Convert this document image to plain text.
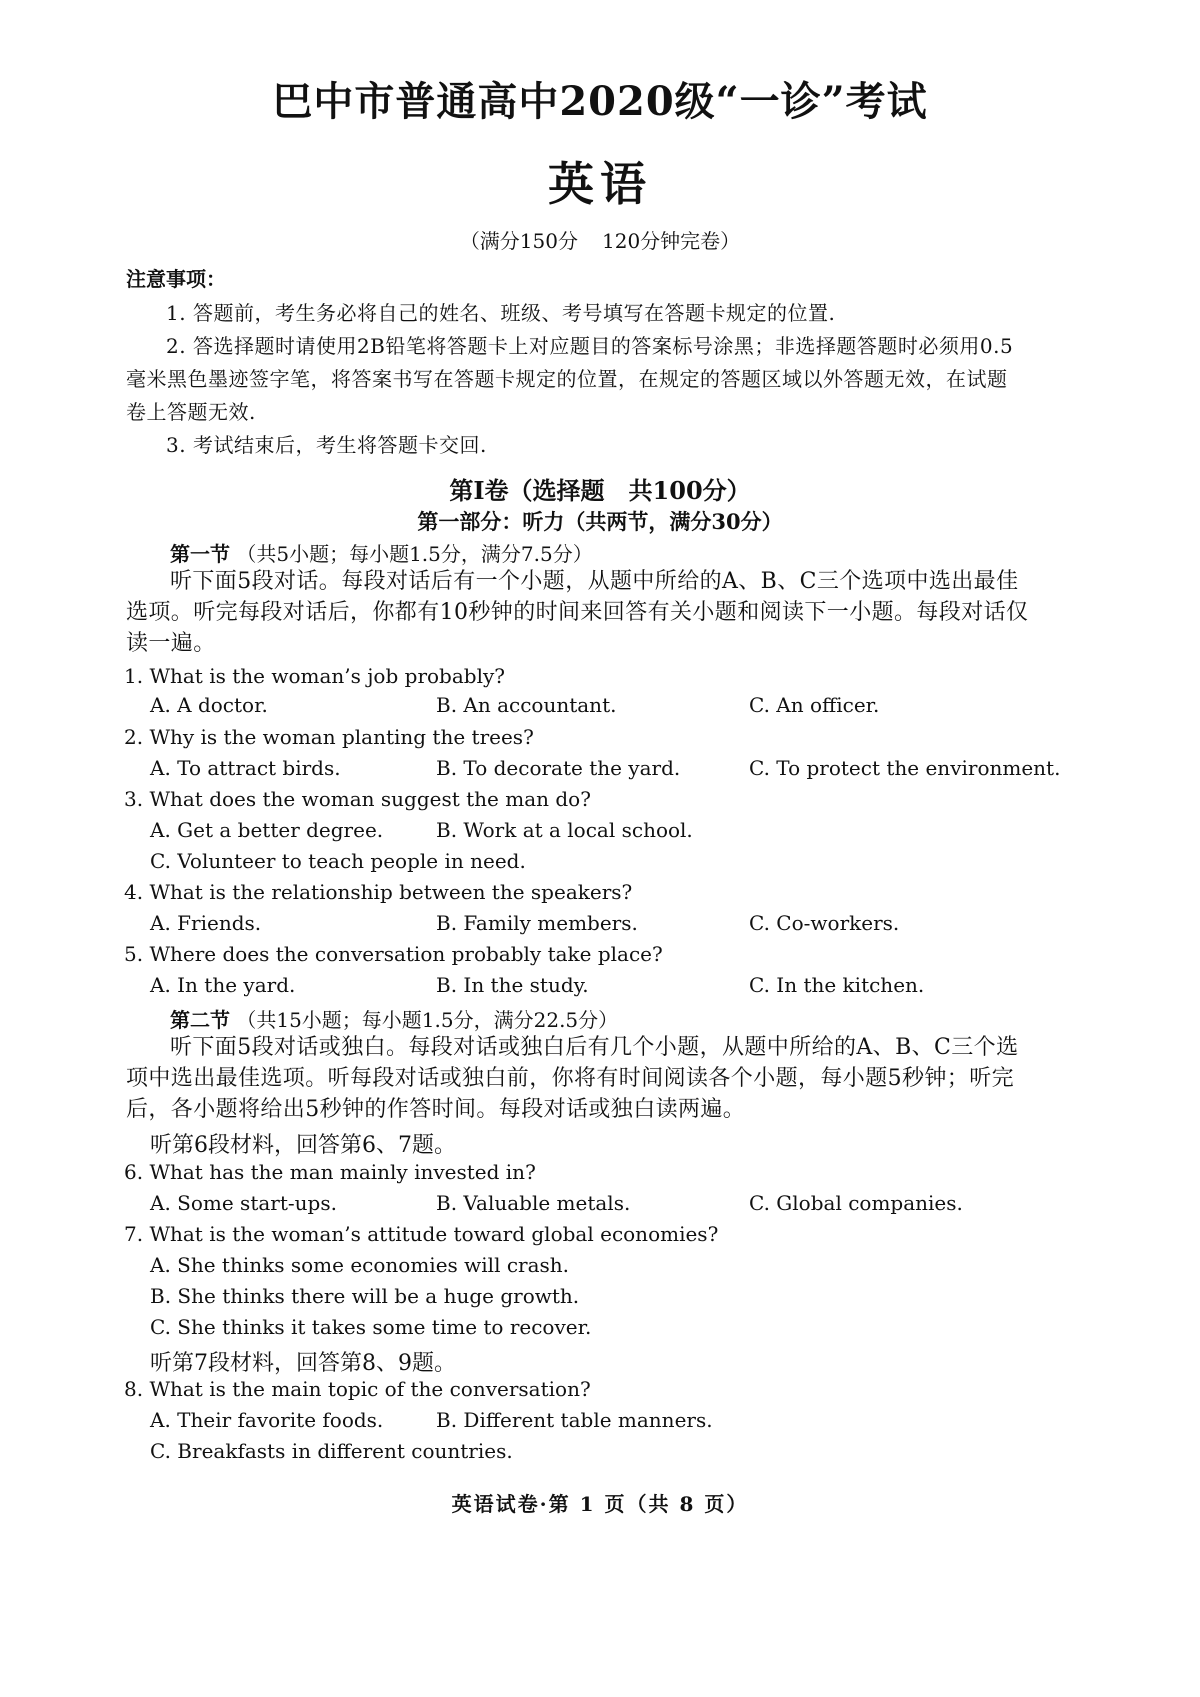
巴中市普通高中2020级“一诊”考试
英语
（满分150分 120分钟完卷）
注意事项：
1. 答题前，考生务必将自己的姓名、班级、考号填写在答题卡规定的位置.
2. 答选择题时请使用2B铅笔将答题卡上对应题目的答案标号涂黑；非选择题答题时必须用0.5毫米黑色墨迹签字笔，将答案书写在答题卡规定的位置，在规定的答题区域以外答题无效，在试题卷上答题无效.
3. 考试结束后，考生将答题卡交回.
第Ⅰ卷（选择题　共100分）
第一部分：听力（共两节，满分30分）
第一节 （共5小题；每小题1.5分，满分7.5分）
听下面5段对话。每段对话后有一个小题，从题中所给的A、B、C三个选项中选出最佳选项。听完每段对话后，你都有10秒钟的时间来回答有关小题和阅读下一小题。每段对话仅读一遍。
1. What is the woman’s job probably?
A. A doctor.	B. An accountant.	C. An officer.
2. Why is the woman planting the trees?
A. To attract birds.	B. To decorate the yard.	C. To protect the environment.
3. What does the woman suggest the man do?
A. Get a better degree.	B. Work at a local school.
C. Volunteer to teach people in need.
4. What is the relationship between the speakers?
A. Friends.	B. Family members.	C. Co-workers.
5. Where does the conversation probably take place?
A. In the yard.	B. In the study.	C. In the kitchen.
第二节 （共15小题；每小题1.5分，满分22.5分）
听下面5段对话或独白。每段对话或独白后有几个小题，从题中所给的A、B、C三个选项中选出最佳选项。听每段对话或独白前，你将有时间阅读各个小题，每小题5秒钟；听完后，各小题将给出5秒钟的作答时间。每段对话或独白读两遍。
听第6段材料，回答第6、7题。
6. What has the man mainly invested in?
A. Some start-ups.	B. Valuable metals.	C. Global companies.
7. What is the woman’s attitude toward global economies?
A. She thinks some economies will crash.
B. She thinks there will be a huge growth.
C. She thinks it takes some time to recover.
听第7段材料，回答第8、9题。
8. What is the main topic of the conversation?
A. Their favorite foods.	B. Different table manners.
C. Breakfasts in different countries.
英语试卷·第 1 页（共 8 页）
